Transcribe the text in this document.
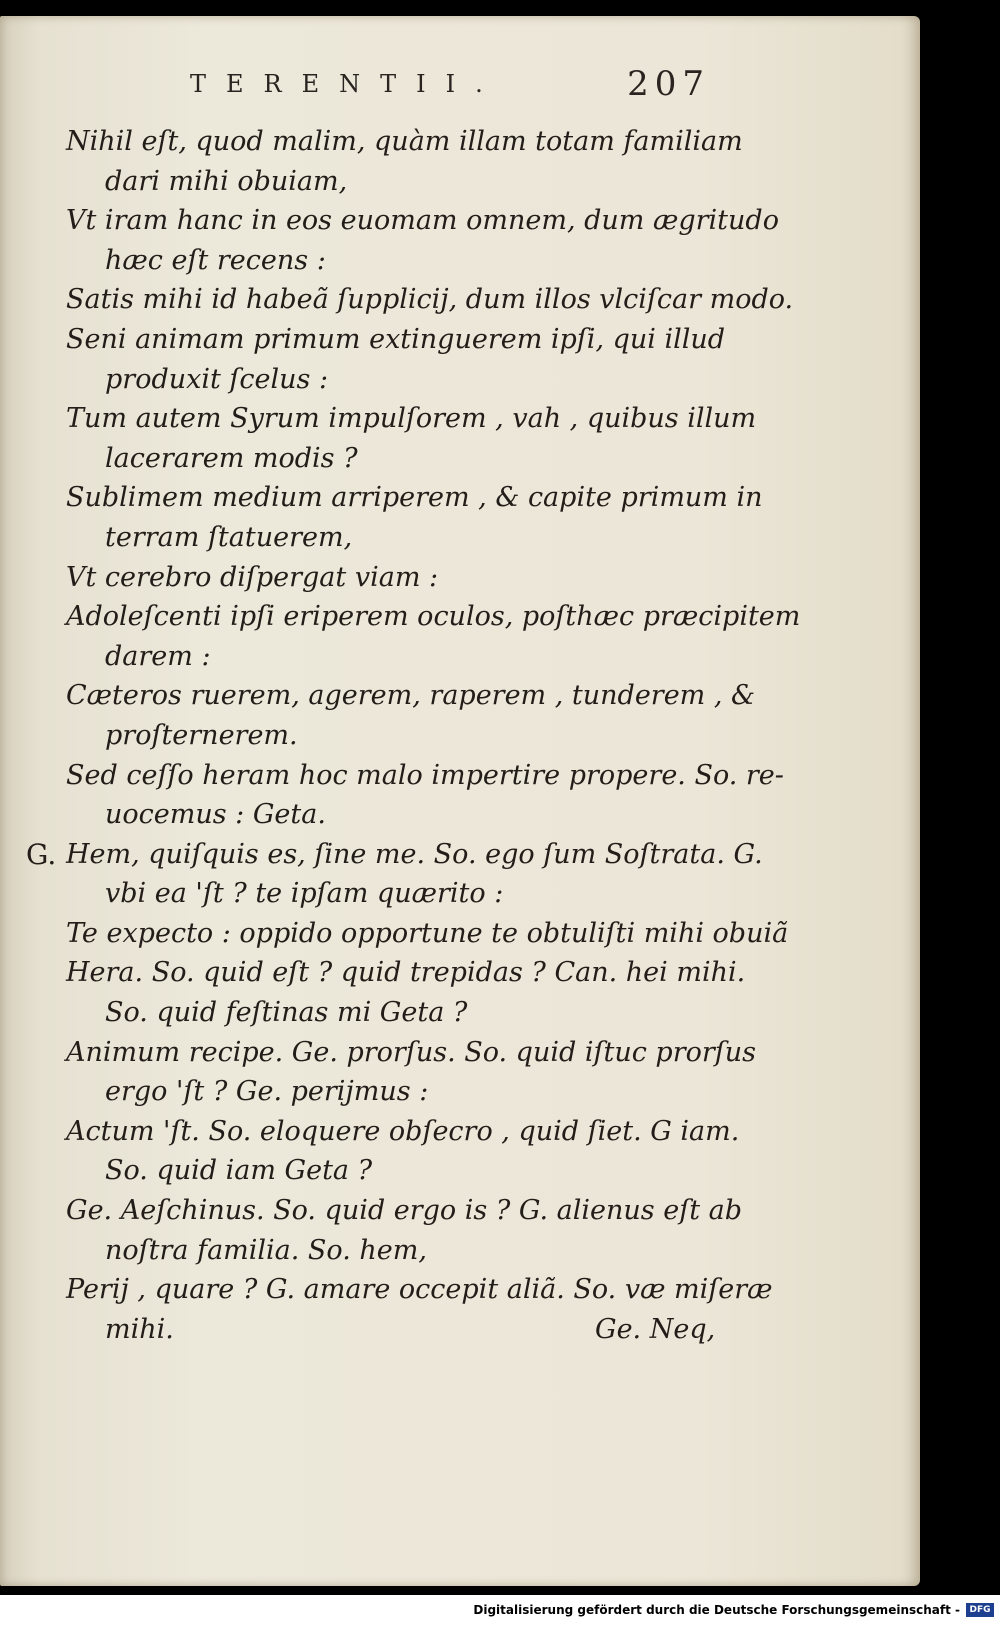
TERENTII.	207
Nihil eſt, quod malim, quàm illam totam familiam
dari mihi obuiam,
Vt iram hanc in eos euomam omnem, dum ægritudo
hæc eſt recens :
Satis mihi id habeã ſupplicij, dum illos vlciſcar modo.
Seni animam primum extinguerem ipſi, qui illud
produxit ſcelus :
Tum autem Syrum impulſorem , vah , quibus illum
lacerarem modis ?
Sublimem medium arriperem , & capite primum in
terram ſtatuerem,
Vt cerebro diſpergat viam :
Adoleſcenti ipſi eriperem oculos, poſthæc præcipitem
darem :
Cæteros ruerem, agerem, raperem , tunderem , &
proſternerem.
Sed ceſſo heram hoc malo impertire propere. So. re-
uocemus : Geta.
G. Hem, quiſquis es, ſine me. So. ego ſum Soſtrata. G.
vbi ea 'ſt ? te ipſam quærito :
Te expecto : oppido opportune te obtuliſti mihi obuiã
Hera. So. quid eſt ? quid trepidas ? Can. hei mihi.
So. quid feſtinas mi Geta ?
Animum recipe. Ge. prorſus. So. quid iſtuc prorſus
ergo 'ſt ? Ge. perijmus :
Actum 'ſt. So. eloquere obſecro , quid ſiet. G iam.
So. quid iam Geta ?
Ge. Aeſchinus. So. quid ergo is ? G. alienus eſt ab
noſtra familia. So. hem,
Perij , quare ? G. amare occepit aliã. So. væ miſeræ
mihi.	Ge. Neq,
Digitalisierung gefördert durch die Deutsche Forschungsgemeinschaft -	DFG
